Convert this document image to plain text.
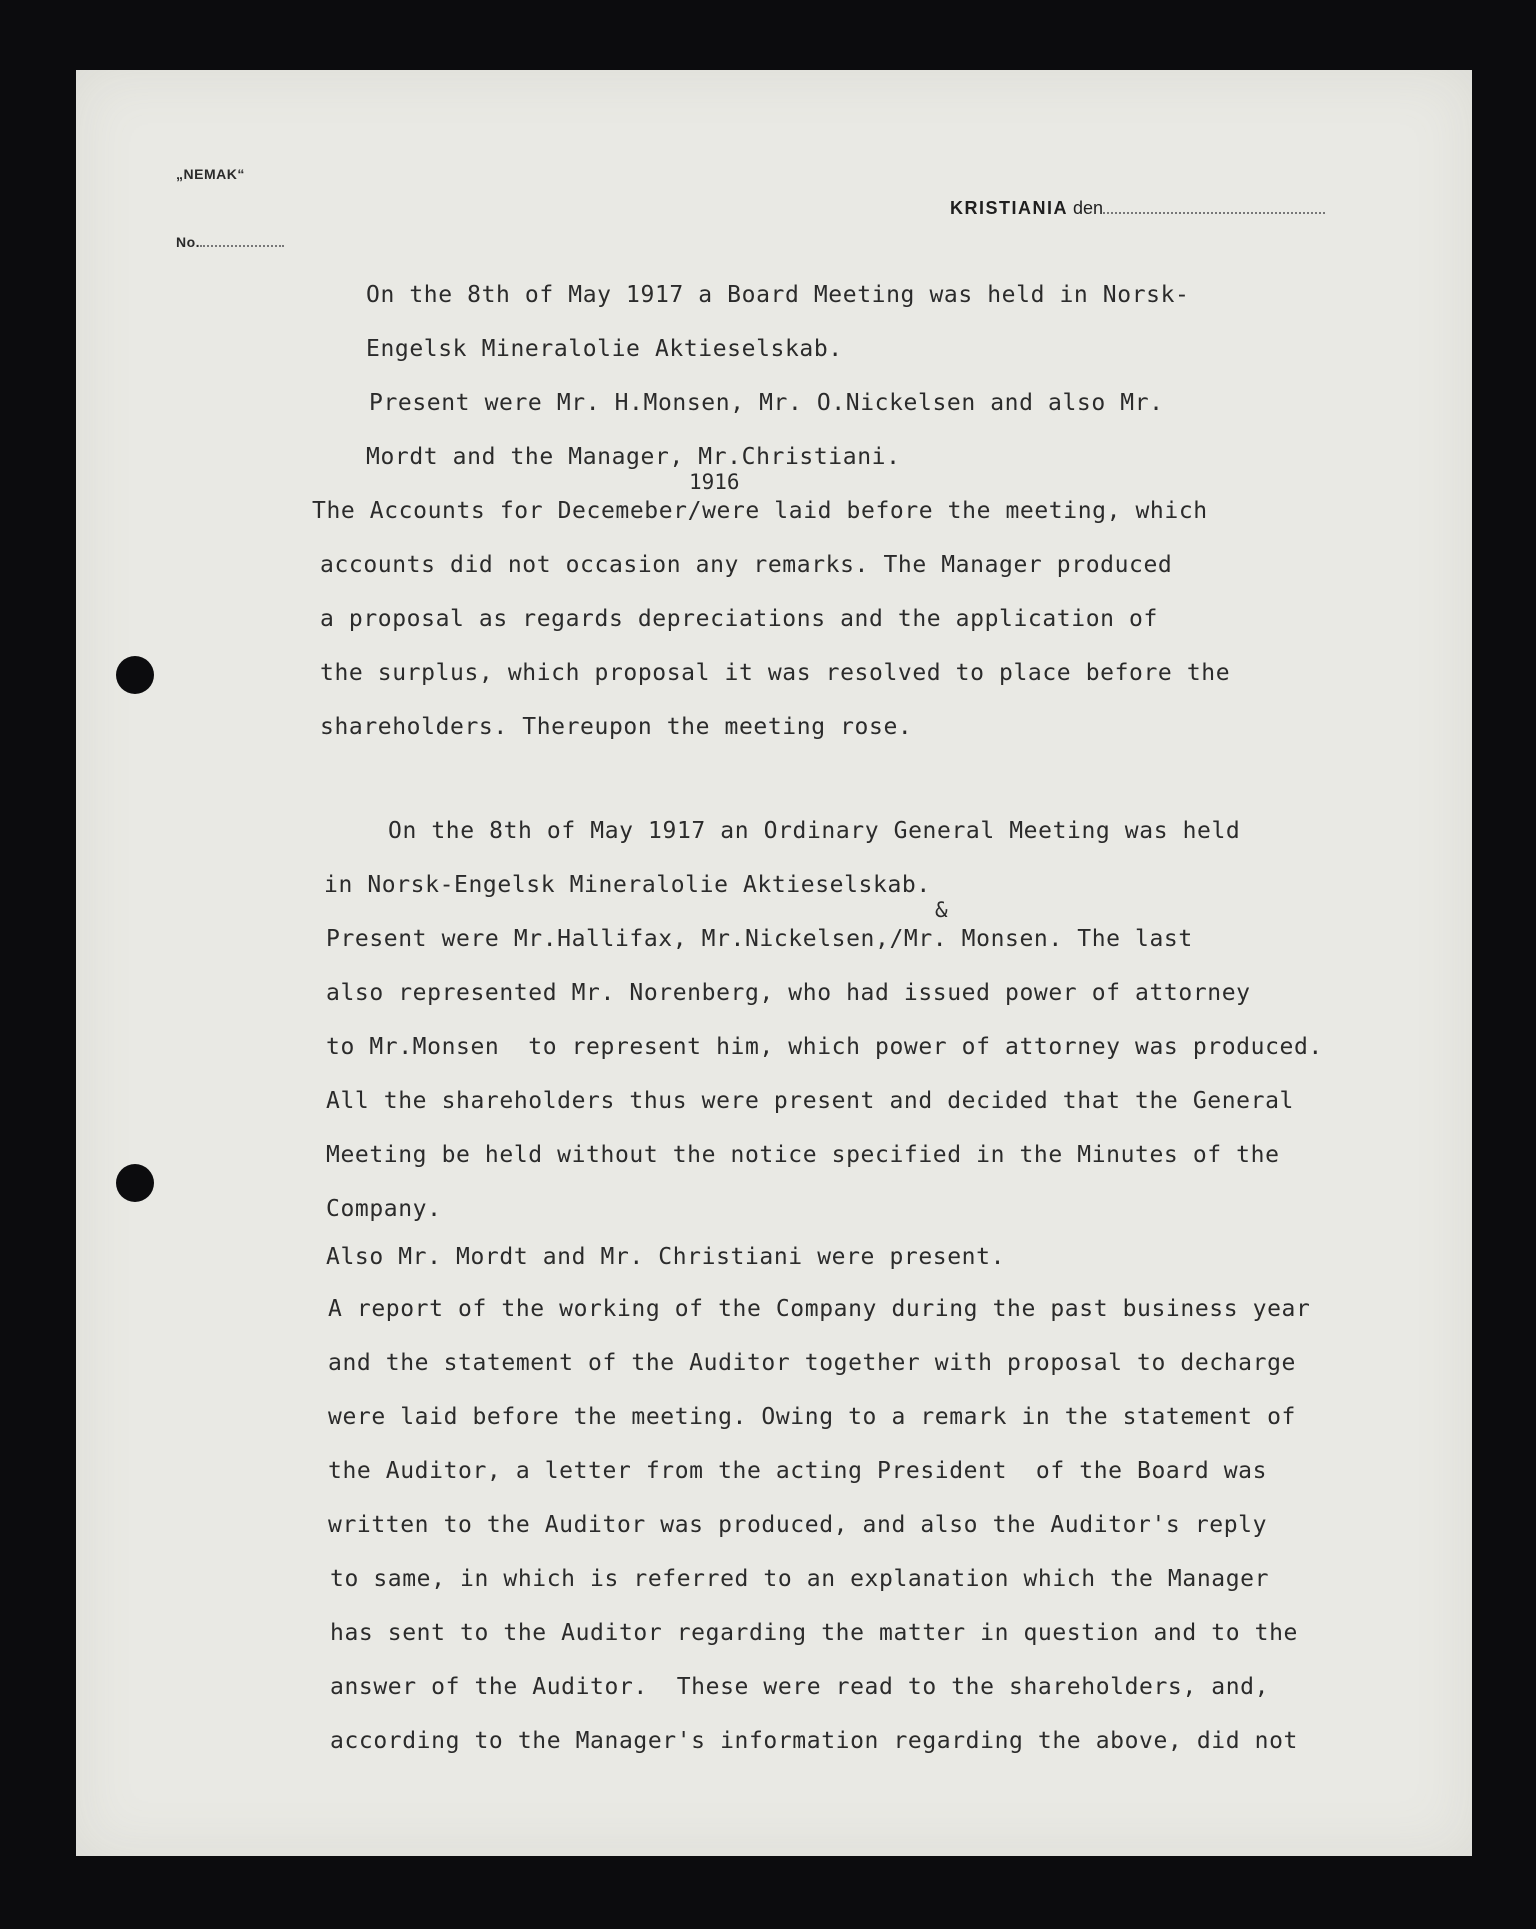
„NEMAK“
No.
KRISTIANIA den
1916
&
On the 8th of May 1917 a Board Meeting was held in Norsk-
Engelsk Mineralolie Aktieselskab.
Present were Mr. H.Monsen, Mr. O.Nickelsen and also Mr.
Mordt and the Manager, Mr.Christiani.
The Accounts for Decemeber/were laid before the meeting, which
accounts did not occasion any remarks. The Manager produced
a proposal as regards depreciations and the application of
the surplus, which proposal it was resolved to place before the
shareholders. Thereupon the meeting rose.
On the 8th of May 1917 an Ordinary General Meeting was held
in Norsk-Engelsk Mineralolie Aktieselskab.
Present were Mr.Hallifax, Mr.Nickelsen,/Mr. Monsen. The last
also represented Mr. Norenberg, who had issued power of attorney
to Mr.Monsen  to represent him, which power of attorney was produced.
All the shareholders thus were present and decided that the General
Meeting be held without the notice specified in the Minutes of the
Company.
Also Mr. Mordt and Mr. Christiani were present.
A report of the working of the Company during the past business year
and the statement of the Auditor together with proposal to decharge
were laid before the meeting. Owing to a remark in the statement of
the Auditor, a letter from the acting President  of the Board was
written to the Auditor was produced, and also the Auditor's reply
to same, in which is referred to an explanation which the Manager
has sent to the Auditor regarding the matter in question and to the
answer of the Auditor.  These were read to the shareholders, and,
according to the Manager's information regarding the above, did not
